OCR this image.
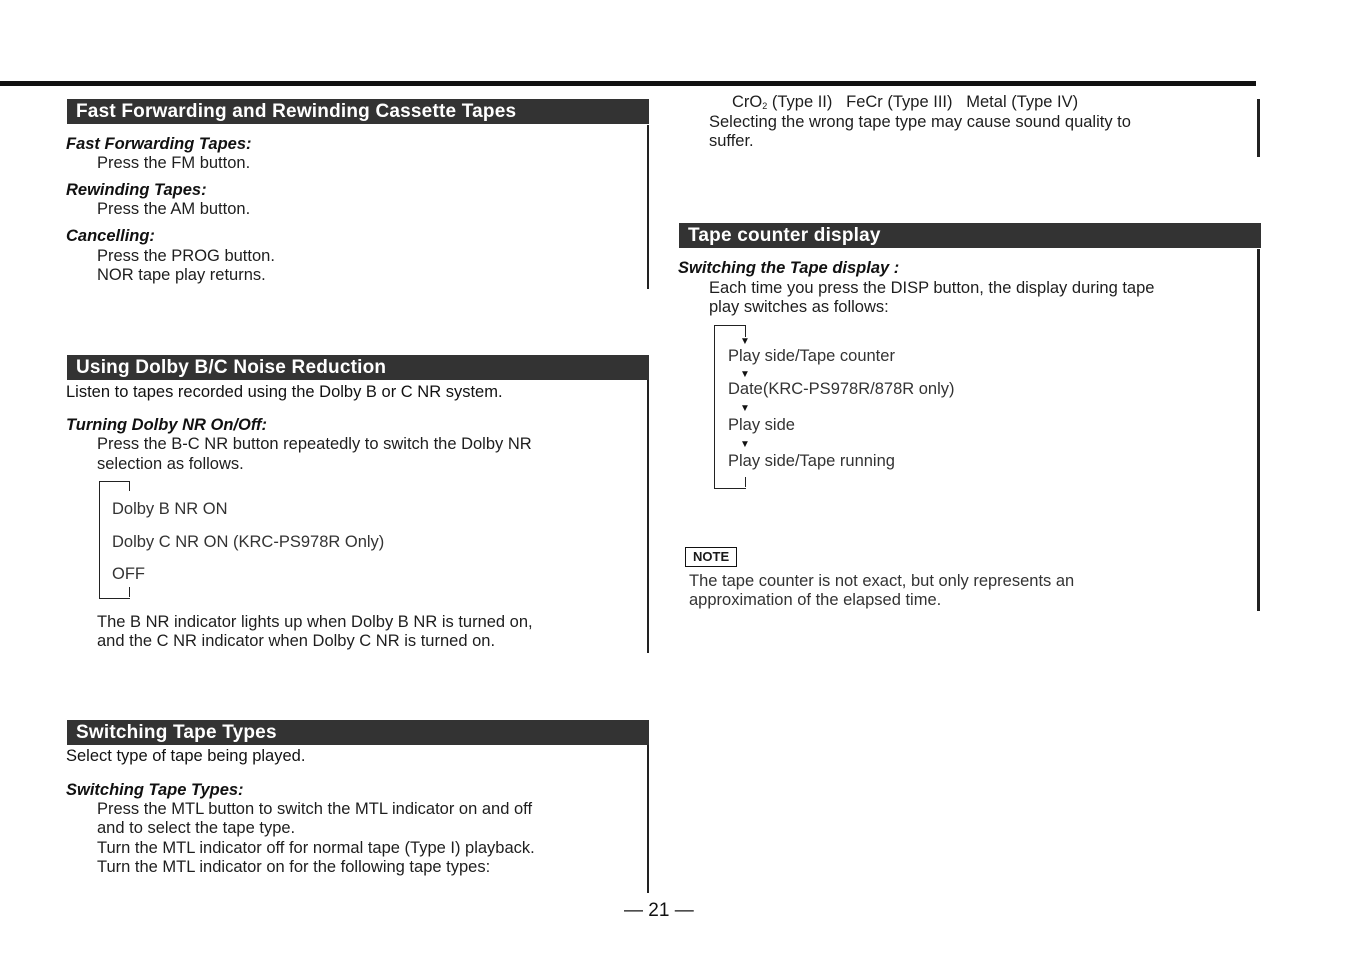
Fast Forwarding and Rewinding Cassette Tapes
Fast Forwarding Tapes:
Press the FM button.
Rewinding Tapes:
Press the AM button.
Cancelling:
Press the PROG button.
NOR tape play returns.
Using Dolby B/C Noise Reduction
Listen to tapes recorded using the Dolby B or C NR system.
Turning Dolby NR On/Off:
Press the B-C NR button repeatedly to switch the Dolby NR
selection as follows.
Dolby B NR ON
Dolby C NR ON (KRC-PS978R Only)
OFF
The B NR indicator lights up when Dolby B NR is turned on,
and the C NR indicator when Dolby C NR is turned on.
Switching Tape Types
Select type of tape being played.
Switching Tape Types:
Press the MTL button to switch the MTL indicator on and off
and to select the tape type.
Turn the MTL indicator off for normal tape (Type I) playback.
Turn the MTL indicator on for the following tape types:
CrO2 (Type II) FeCr (Type III) Metal (Type IV)
Selecting the wrong tape type may cause sound quality to
suffer.
Tape counter display
Switching the Tape display :
Each time you press the DISP button, the display during tape
play switches as follows:
▼
Play side/Tape counter
▼
Date(KRC-PS978R/878R only)
▼
Play side
▼
Play side/Tape running
NOTE
The tape counter is not exact, but only represents an
approximation of the elapsed time.
— 21 —
